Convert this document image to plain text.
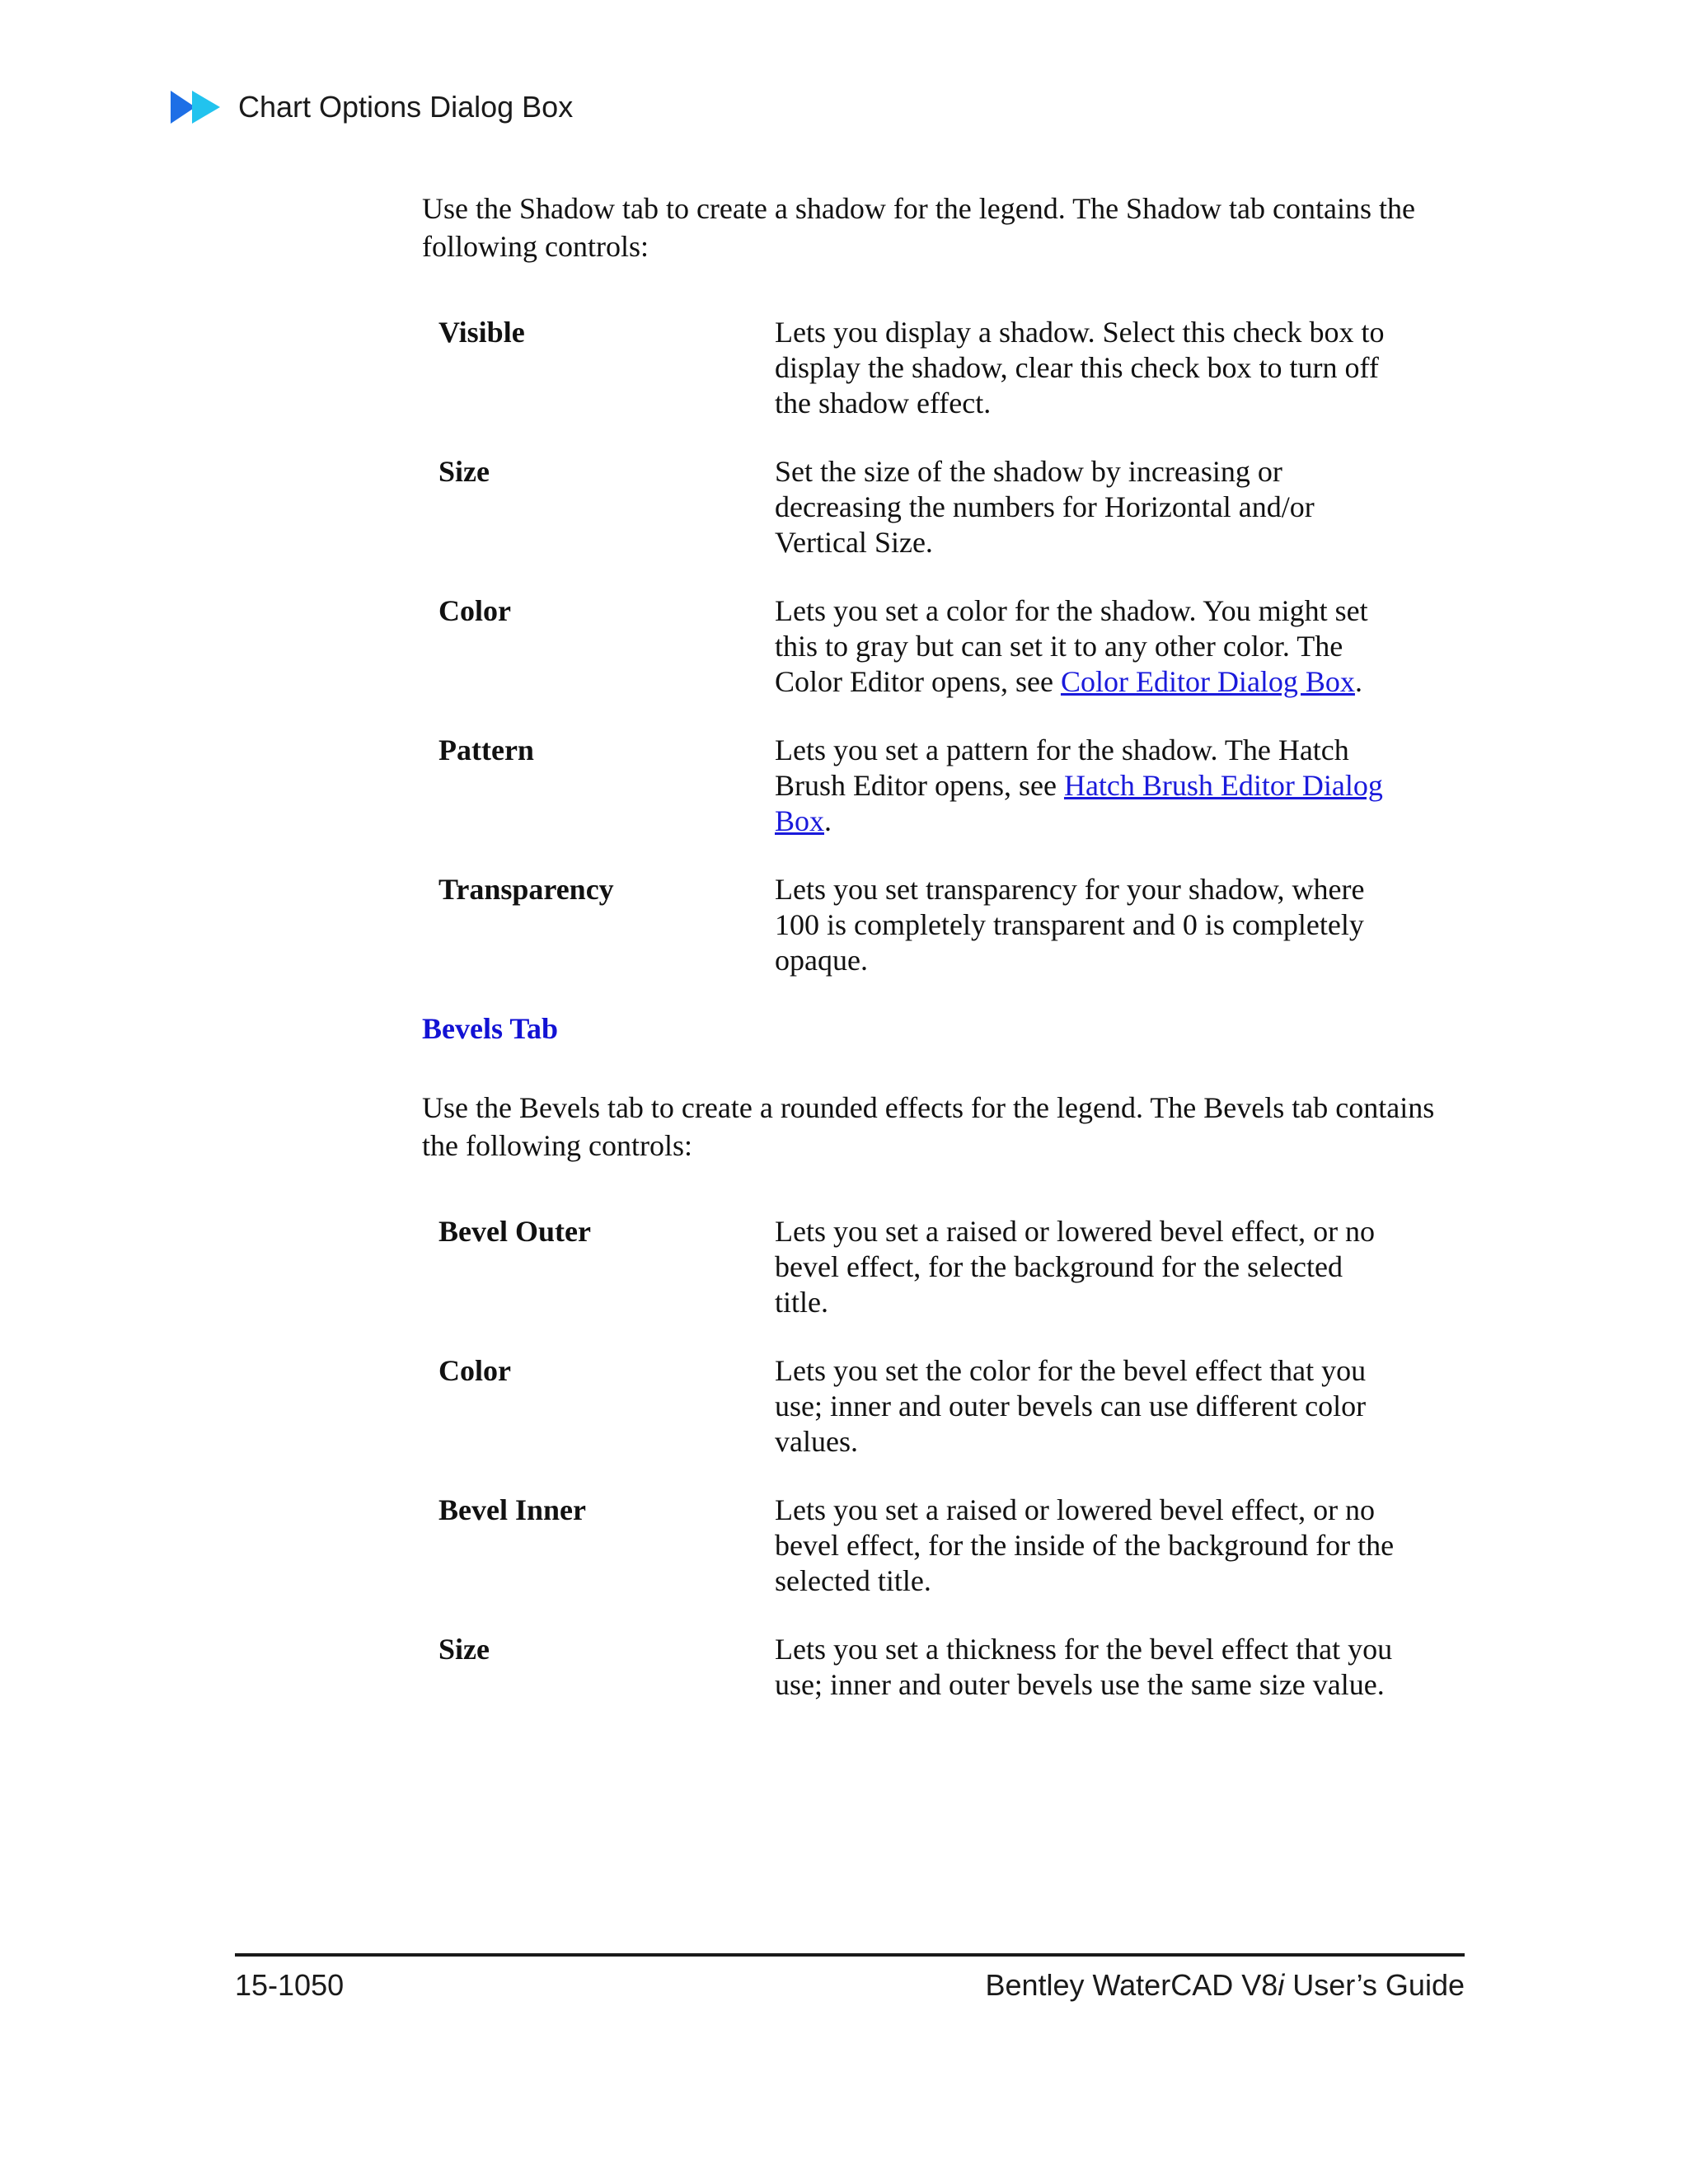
Chart Options Dialog Box

Use the Shadow tab to create a shadow for the legend. The Shadow tab contains the following controls:

Visible	Lets you display a shadow. Select this check box to display the shadow, clear this check box to turn off the shadow effect.
Size	Set the size of the shadow by increasing or decreasing the numbers for Horizontal and/or Vertical Size.
Color	Lets you set a color for the shadow. You might set this to gray but can set it to any other color. The Color Editor opens, see Color Editor Dialog Box.
Pattern	Lets you set a pattern for the shadow. The Hatch Brush Editor opens, see Hatch Brush Editor Dialog Box.
Transparency	Lets you set transparency for your shadow, where 100 is completely transparent and 0 is completely opaque.
Bevels Tab

Use the Bevels tab to create a rounded effects for the legend. The Bevels tab contains the following controls:

Bevel Outer	Lets you set a raised or lowered bevel effect, or no bevel effect, for the background for the selected title.
Color	Lets you set the color for the bevel effect that you use; inner and outer bevels can use different color values.
Bevel Inner	Lets you set a raised or lowered bevel effect, or no bevel effect, for the inside of the background for the selected title.
Size	Lets you set a thickness for the bevel effect that you use; inner and outer bevels use the same size value.
15-1050	Bentley WaterCAD V8i User’s Guide
